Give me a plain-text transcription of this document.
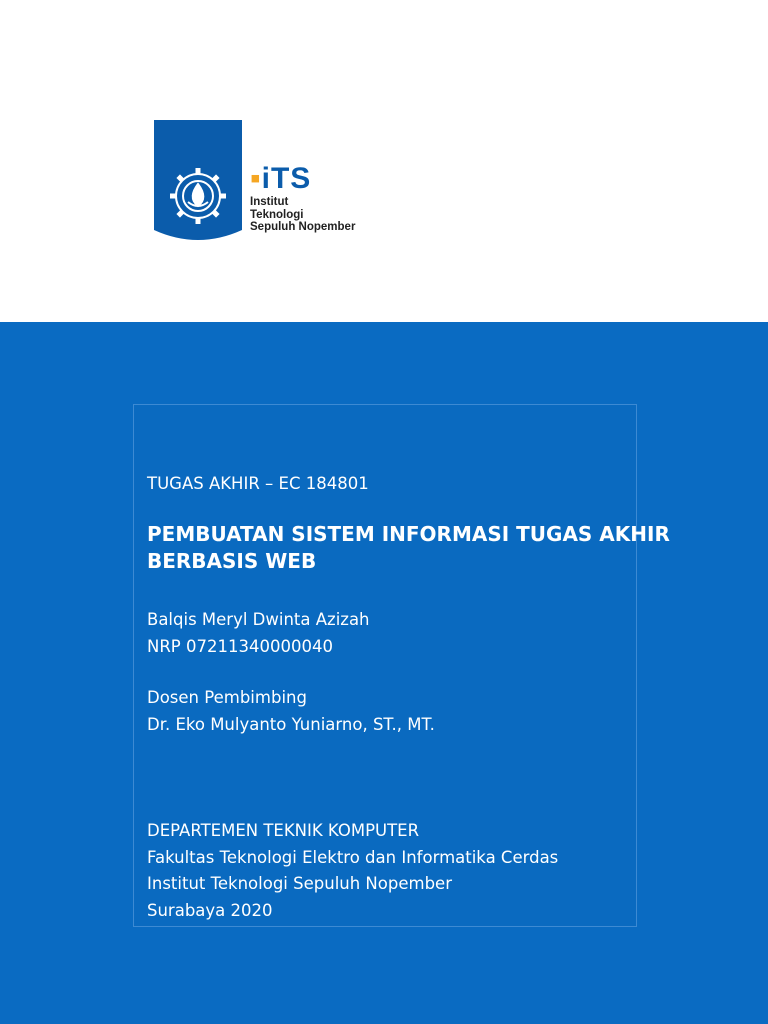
▪iTS
Institut
Teknologi
Sepuluh Nopember
TUGAS AKHIR – EC 184801
PEMBUATAN SISTEM INFORMASI TUGAS AKHIR
BERBASIS WEB
Balqis Meryl Dwinta Azizah
NRP 07211340000040
Dosen Pembimbing
Dr. Eko Mulyanto Yuniarno, ST., MT.
DEPARTEMEN TEKNIK KOMPUTER
Fakultas Teknologi Elektro dan Informatika Cerdas
Institut Teknologi Sepuluh Nopember
Surabaya 2020
